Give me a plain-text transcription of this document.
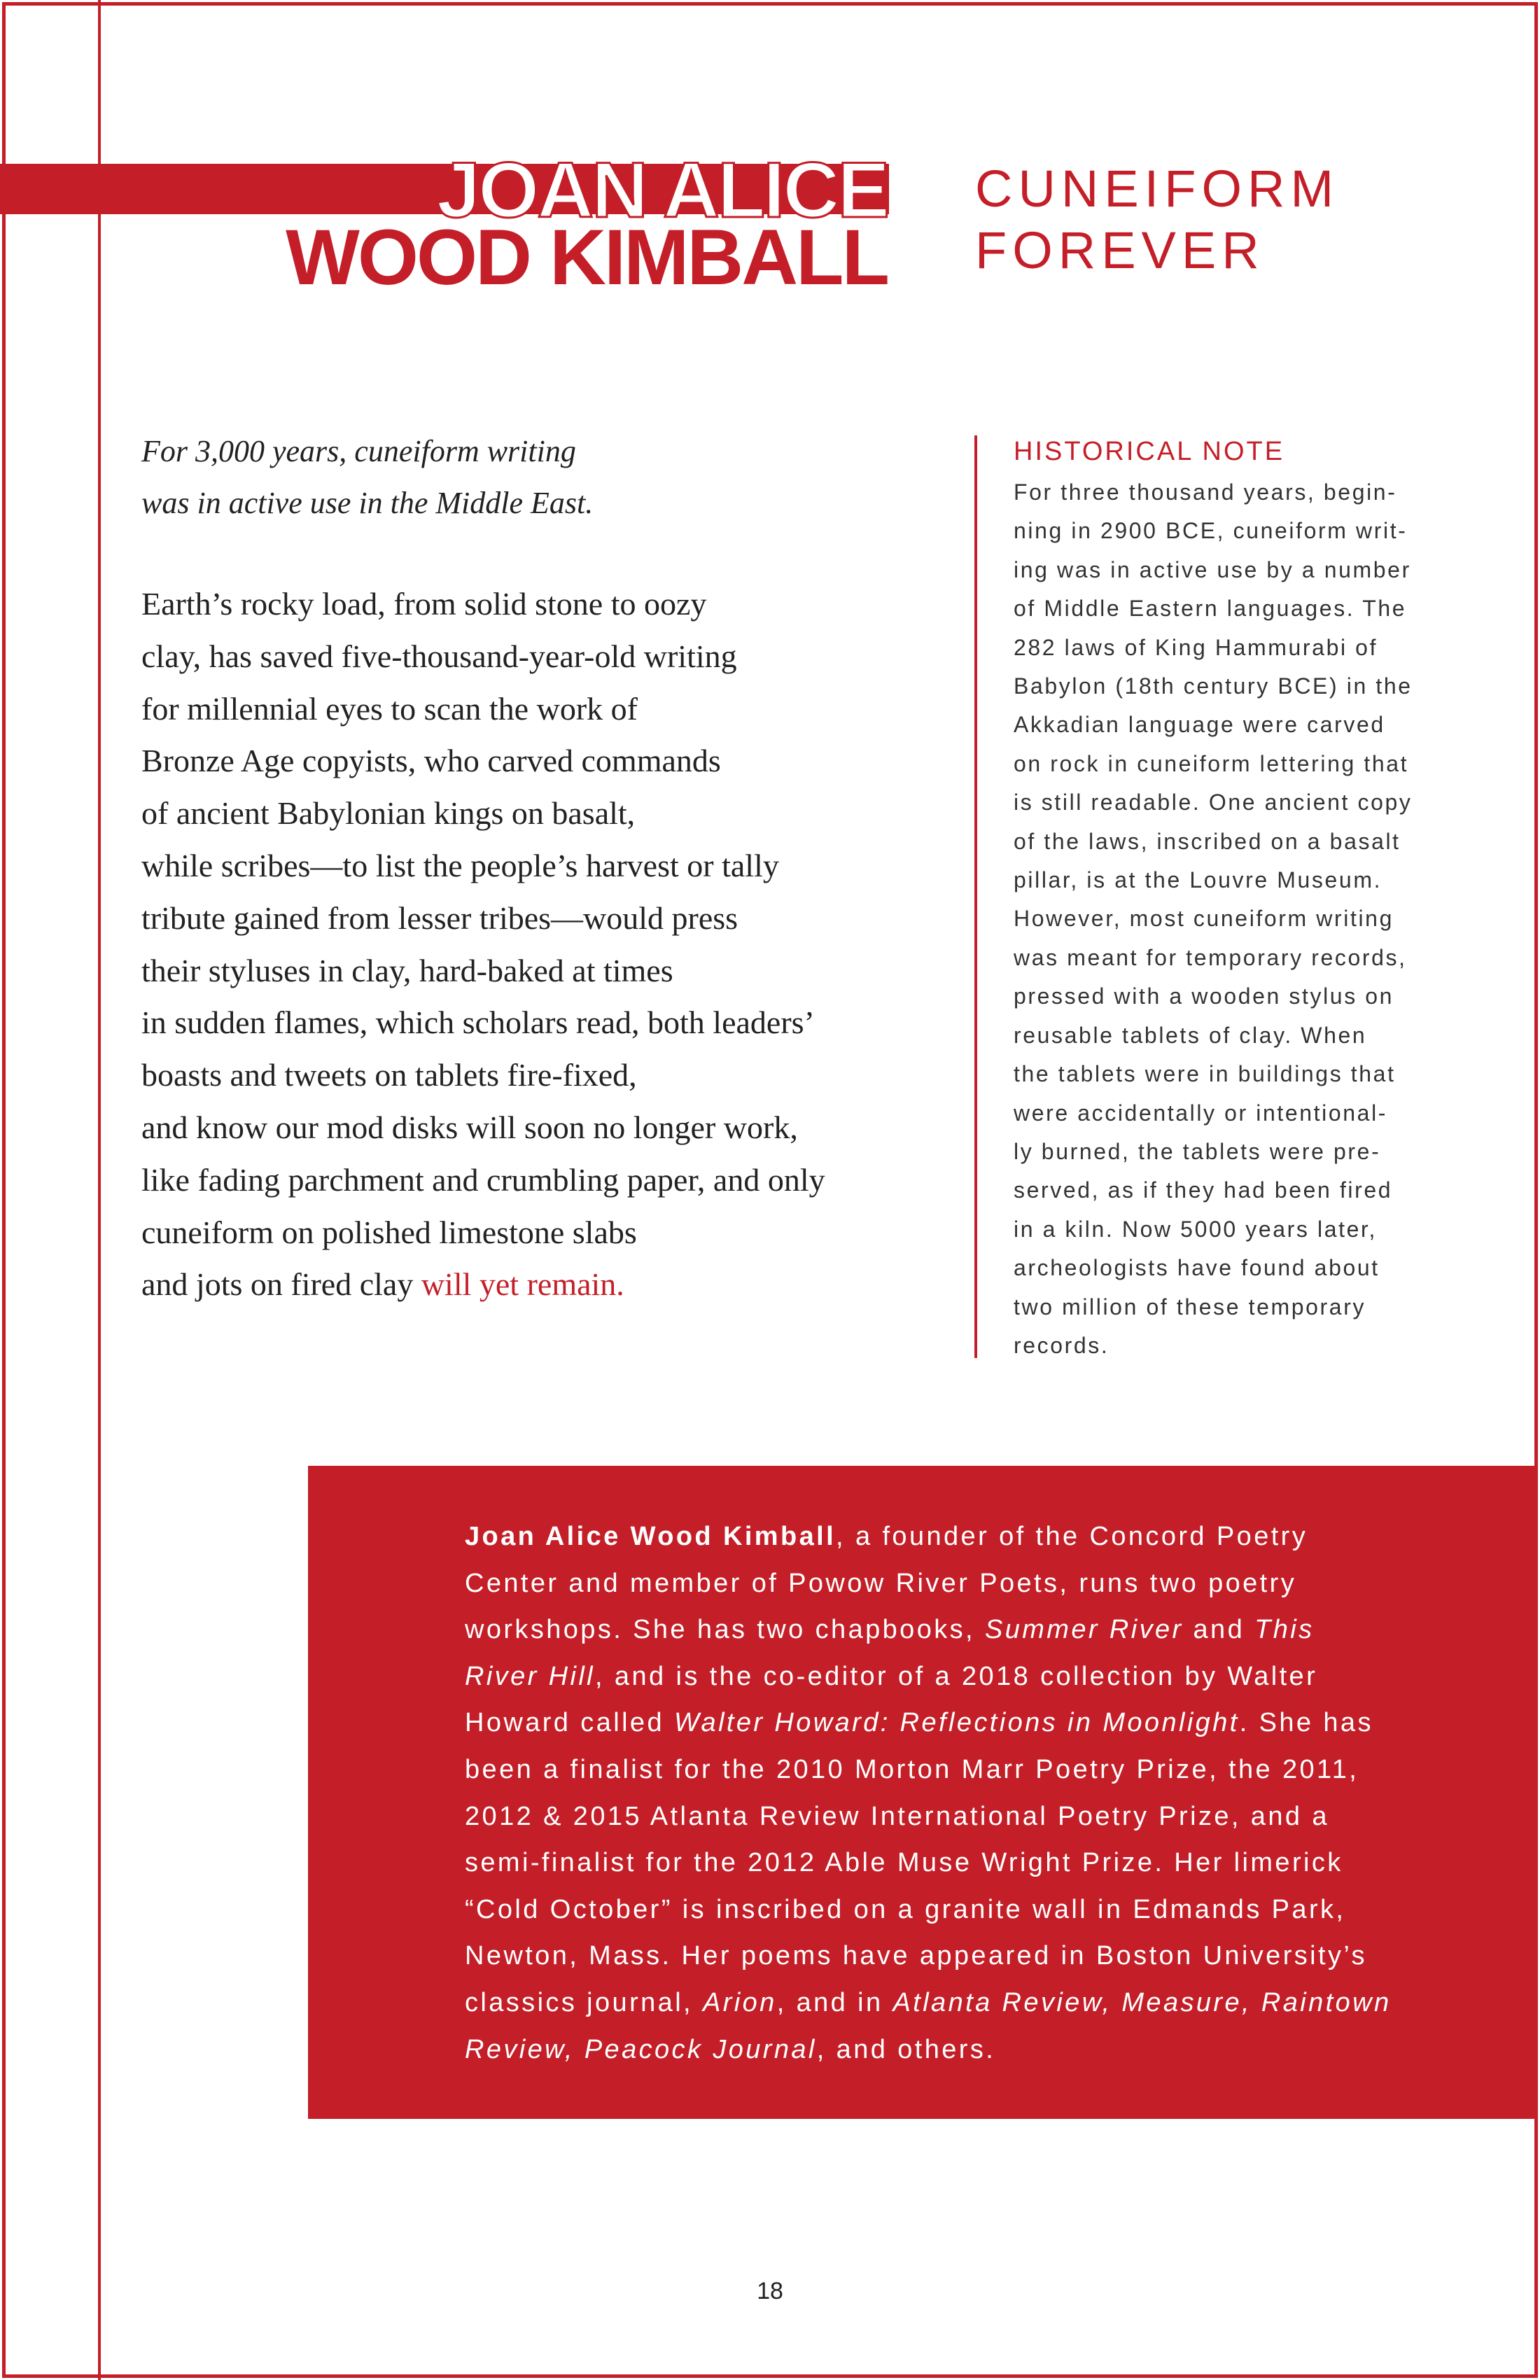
JOAN ALICE
WOOD KIMBALL
CUNEIFORM
FOREVER
For 3,000 years, cuneiform writing
was in active use in the Middle East.
Earth’s rocky load, from solid stone to oozy
clay, has saved five-thousand-year-old writing
for millennial eyes to scan the work of
Bronze Age copyists, who carved commands
of ancient Babylonian kings on basalt,
while scribes—to list the people’s harvest or tally
tribute gained from lesser tribes—would press
their styluses in clay, hard-baked at times
in sudden flames, which scholars read, both leaders’
boasts and tweets on tablets fire-fixed,
and know our mod disks will soon no longer work,
like fading parchment and crumbling paper, and only
cuneiform on polished limestone slabs
and jots on fired clay will yet remain.
HISTORICAL NOTE
For three thousand years, begin-
ning in 2900 BCE, cuneiform writ-
ing was in active use by a number
of Middle Eastern languages. The
282 laws of King Hammurabi of
Babylon (18th century BCE) in the
Akkadian language were carved
on rock in cuneiform lettering that
is still readable. One ancient copy
of the laws, inscribed on a basalt
pillar, is at the Louvre Museum.
However, most cuneiform writing
was meant for temporary records,
pressed with a wooden stylus on
reusable tablets of clay. When
the tablets were in buildings that
were accidentally or intentional-
ly burned, the tablets were pre-
served, as if they had been fired
in a kiln. Now 5000 years later,
archeologists have found about
two million of these temporary
records.
Joan Alice Wood Kimball, a founder of the Concord Poetry
Center and member of Powow River Poets, runs two poetry
workshops. She has two chapbooks, Summer River and This
River Hill, and is the co-editor of a 2018 collection by Walter
Howard called Walter Howard: Reflections in Moonlight. She has
been a finalist for the 2010 Morton Marr Poetry Prize, the 2011,
2012 & 2015 Atlanta Review International Poetry Prize, and a
semi-finalist for the 2012 Able Muse Wright Prize. Her limerick
“Cold October” is inscribed on a granite wall in Edmands Park,
Newton, Mass. Her poems have appeared in Boston University’s
classics journal, Arion, and in Atlanta Review, Measure, Raintown
Review, Peacock Journal, and others.
18
